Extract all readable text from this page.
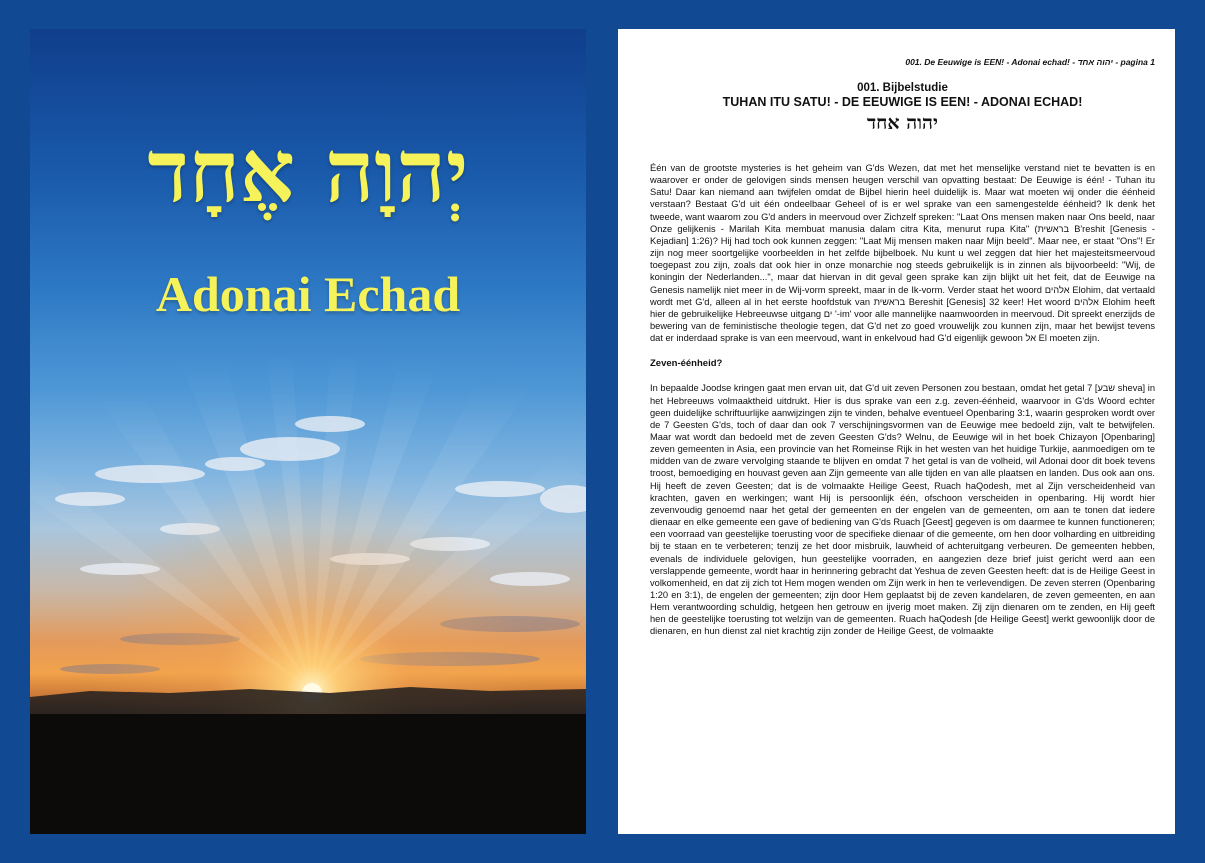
יְהוָה אֶחָד
Adonai Echad
001. De Eeuwige is EEN! - Adonai echad! - יהוה אחד - pagina 1
001. Bijbelstudie
TUHAN ITU SATU! - DE EEUWIGE IS EEN! - ADONAI ECHAD!
יהוה אחד

Één van de grootste mysteries is het geheim van G'ds Wezen, dat met het menselijke verstand niet te bevatten is en waarover er onder de gelovigen sinds mensen heugen verschil van opvatting bestaat: De Eeuwige is één! - Tuhan itu Satu! Daar kan niemand aan twijfelen omdat de Bijbel hierin heel duidelijk is. Maar wat moeten wij onder die éénheid verstaan? Bestaat G'd uit één ondeelbaar Geheel of is er wel sprake van een samengestelde éénheid? Ik denk het tweede, want waarom zou G'd anders in meervoud over Zichzelf spreken: "Laat Ons mensen maken naar Ons beeld, naar Onze gelijkenis - Marilah Kita membuat manusia dalam citra Kita, menurut rupa Kita" (בראשית B'reshit [Genesis - Kejadian] 1:26)? Hij had toch ook kunnen zeggen: "Laat Mij mensen maken naar Mijn beeld". Maar nee, er staat "Ons"! Er zijn nog meer soortgelijke voorbeelden in het zelfde bijbelboek. Nu kunt u wel zeggen dat hier het majesteitsmeervoud toegepast zou zijn, zoals dat ook hier in onze monarchie nog steeds gebruikelijk is in zinnen als bijvoorbeeld: "Wij, de koningin der Nederlanden...", maar dat hiervan in dit geval geen sprake kan zijn blijkt uit het feit, dat de Eeuwige na Genesis namelijk niet meer in de Wij-vorm spreekt, maar in de Ik-vorm. Verder staat het woord אלהים Elohim, dat vertaald wordt met G'd, alleen al in het eerste hoofdstuk van בראשית Bereshit [Genesis] 32 keer! Het woord אלהים Elohim heeft hier de gebruikelijke Hebreeuwse uitgang ים '-im' voor alle mannelijke naamwoorden in meervoud. Dit spreekt enerzijds de bewering van de feministische theologie tegen, dat G'd net zo goed vrouwelijk zou kunnen zijn, maar het bewijst tevens dat er inderdaad sprake is van een meervoud, want in enkelvoud had G'd eigenlijk gewoon אל El moeten zijn.

Zeven-éénheid?

In bepaalde Joodse kringen gaat men ervan uit, dat G'd uit zeven Personen zou bestaan, omdat het getal 7 [שבע sheva] in het Hebreeuws volmaaktheid uitdrukt. Hier is dus sprake van een z.g. zeven-éénheid, waarvoor in G'ds Woord echter geen duidelijke schriftuurlijke aanwijzingen zijn te vinden, behalve eventueel Openbaring 3:1, waarin gesproken wordt over de 7 Geesten G'ds, toch of daar dan ook 7 verschijningsvormen van de Eeuwige mee bedoeld zijn, valt te betwijfelen. Maar wat wordt dan bedoeld met de zeven Geesten G'ds? Welnu, de Eeuwige wil in het boek Chizayon [Openbaring] zeven gemeenten in Asia, een provincie van het Romeinse Rijk in het westen van het huidige Turkije, aanmoedigen om te midden van de zware vervolging staande te blijven en omdat 7 het getal is van de volheid, wil Adonai door dit boek tevens troost, bemoediging en houvast geven aan Zijn gemeente van alle tijden en van alle plaatsen en landen. Dus ook aan ons. Hij heeft de zeven Geesten; dat is de volmaakte Heilige Geest, Ruach haQodesh, met al Zijn verscheidenheid van krachten, gaven en werkingen; want Hij is persoonlijk één, ofschoon verscheiden in openbaring. Hij wordt hier zevenvoudig genoemd naar het getal der gemeenten en der engelen van de gemeenten, om aan te tonen dat iedere dienaar en elke gemeente een gave of bediening van G'ds Ruach [Geest] gegeven is om daarmee te kunnen functioneren; een voorraad van geestelijke toerusting voor de specifieke dienaar of die gemeente, om hen door volharding en uitbreiding bij te staan en te verbeteren; tenzij ze het door misbruik, lauwheid of achteruitgang verbeuren. De gemeenten hebben, evenals de individuele gelovigen, hun geestelijke voorraden, en aangezien deze brief juist gericht werd aan een verslappende gemeente, wordt haar in herinnering gebracht dat Yeshua de zeven Geesten heeft: dat is de Heilige Geest in volkomenheid, en dat zij zich tot Hem mogen wenden om Zijn werk in hen te verlevendigen. De zeven sterren (Openbaring 1:20 en 3:1), de engelen der gemeenten; zijn door Hem geplaatst bij de zeven kandelaren, de zeven gemeenten, en aan Hem verantwoording schuldig, hetgeen hen getrouw en ijverig moet maken. Zij zijn dienaren om te zenden, en Hij geeft hen de geestelijke toerusting tot welzijn van de gemeenten. Ruach haQodesh [de Heilige Geest] werkt gewoonlijk door de dienaren, en hun dienst zal niet krachtig zijn zonder de Heilige Geest, de volmaakte
